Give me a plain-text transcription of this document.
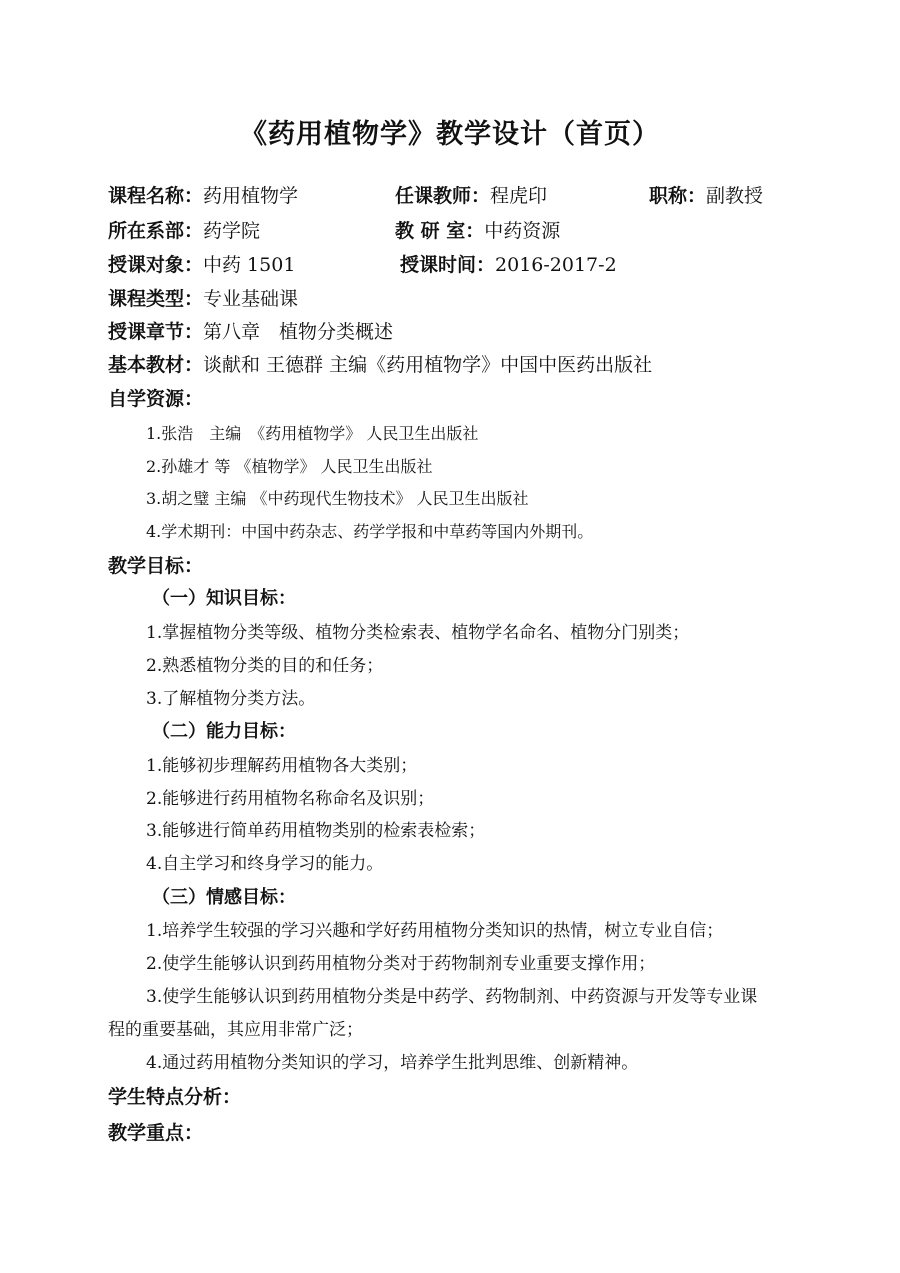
《药用植物学》教学设计（首页）
课程名称：药用植物学	任课教师：程虎印	职称：副教授
所在系部：药学院	教 研 室：中药资源
授课对象：中药 1501	授课时间：2016-2017-2
课程类型：专业基础课
授课章节：第八章　植物分类概述
基本教材：谈献和 王德群 主编《药用植物学》中国中医药出版社
自学资源：
1.张浩　主编　《药用植物学》 人民卫生出版社
2.孙雄才 等 《植物学》 人民卫生出版社
3.胡之璧 主编 《中药现代生物技术》 人民卫生出版社
4.学术期刊：中国中药杂志、药学学报和中草药等国内外期刊。
教学目标：
（一）知识目标：
1.掌握植物分类等级、植物分类检索表、植物学名命名、植物分门别类；
2.熟悉植物分类的目的和任务；
3.了解植物分类方法。
（二）能力目标：
1.能够初步理解药用植物各大类别；
2.能够进行药用植物名称命名及识别；
3.能够进行简单药用植物类别的检索表检索；
4.自主学习和终身学习的能力。
（三）情感目标：
1.培养学生较强的学习兴趣和学好药用植物分类知识的热情，树立专业自信；
2.使学生能够认识到药用植物分类对于药物制剂专业重要支撑作用；
3.使学生能够认识到药用植物分类是中药学、药物制剂、中药资源与开发等专业课
程的重要基础，其应用非常广泛；
4.通过药用植物分类知识的学习，培养学生批判思维、创新精神。
学生特点分析：
教学重点：
